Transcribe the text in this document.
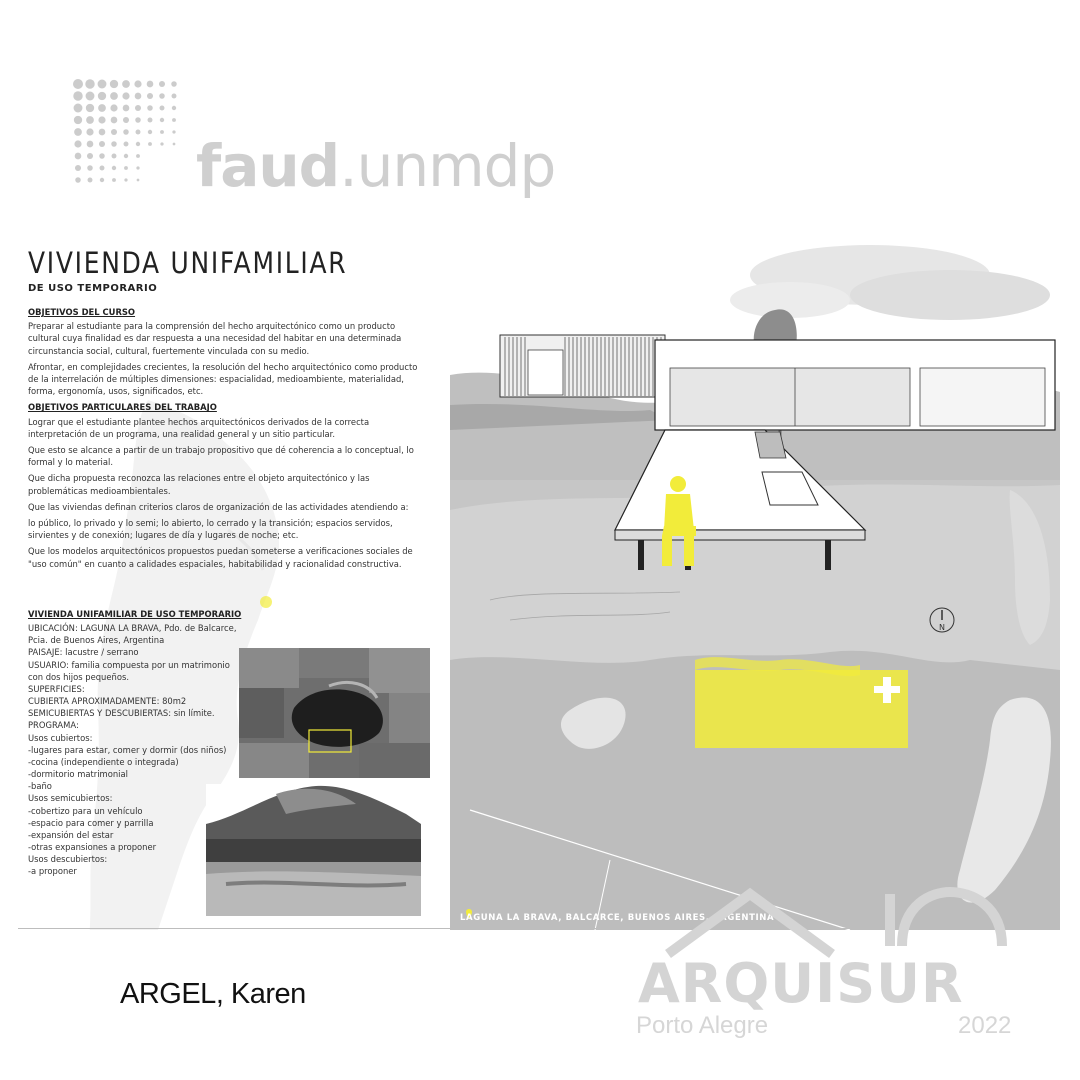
faud.unmdp
VIVIENDA UNIFAMILIAR
DE USO TEMPORARIO
OBJETIVOS DEL CURSO

Preparar al estudiante para la comprensión del hecho arquitectónico como un producto cultural cuya finalidad es dar respuesta a una necesidad del habitar en una determinada circunstancia social, cultural, fuertemente vinculada con su medio.

Afrontar, en complejidades crecientes, la resolución del hecho arquitectónico como producto de la interrelación de múltiples dimensiones: espacialidad, medioambiente, materialidad, forma, ergonomía, usos, significados, etc.

OBJETIVOS PARTICULARES DEL TRABAJO

Lograr que el estudiante plantee hechos arquitectónicos derivados de la correcta interpretación de un programa, una realidad general y un sitio particular.

Que esto se alcance a partir de un trabajo propositivo que dé coherencia a lo conceptual, lo formal y lo material.

Que dicha propuesta reconozca las relaciones entre el objeto arquitectónico y las problemáticas medioambientales.

Que las viviendas definan criterios claros de organización de las actividades atendiendo a:

lo público, lo privado y lo semi; lo abierto, lo cerrado y la transición; espacios servidos, sirvientes y de conexión; lugares de día y lugares de noche; etc.

Que los modelos arquitectónicos propuestos puedan someterse a verificaciones sociales de "uso común" en cuanto a calidades espaciales, habitabilidad y racionalidad constructiva.

VIVIENDA UNIFAMILIAR DE USO TEMPORARIO
UBICACIÓN: LAGUNA LA BRAVA, Pdo. de Balcarce,
Pcia. de Buenos Aires, Argentina
PAISAJE: lacustre / serrano
USUARIO: familia compuesta por un matrimonio
con dos hijos pequeños.
SUPERFICIES:
CUBIERTA APROXIMADAMENTE: 80m2
SEMICUBIERTAS Y DESCUBIERTAS: sin límite.
PROGRAMA:
Usos cubiertos:
-lugares para estar, comer y dormir (dos niños)
-cocina (independiente o integrada)
-dormitorio matrimonial
-baño
Usos semicubiertos:
-cobertizo para un vehículo
-espacio para comer y parrilla
-expansión del estar
-otras expansiones a proponer
Usos descubiertos:
-a proponer
N
LAGUNA LA BRAVA, BALCARCE, BUENOS AIRES, ARGENTINA
ARGEL, Karen	ARQUISUR
Porto Alegre	2022
